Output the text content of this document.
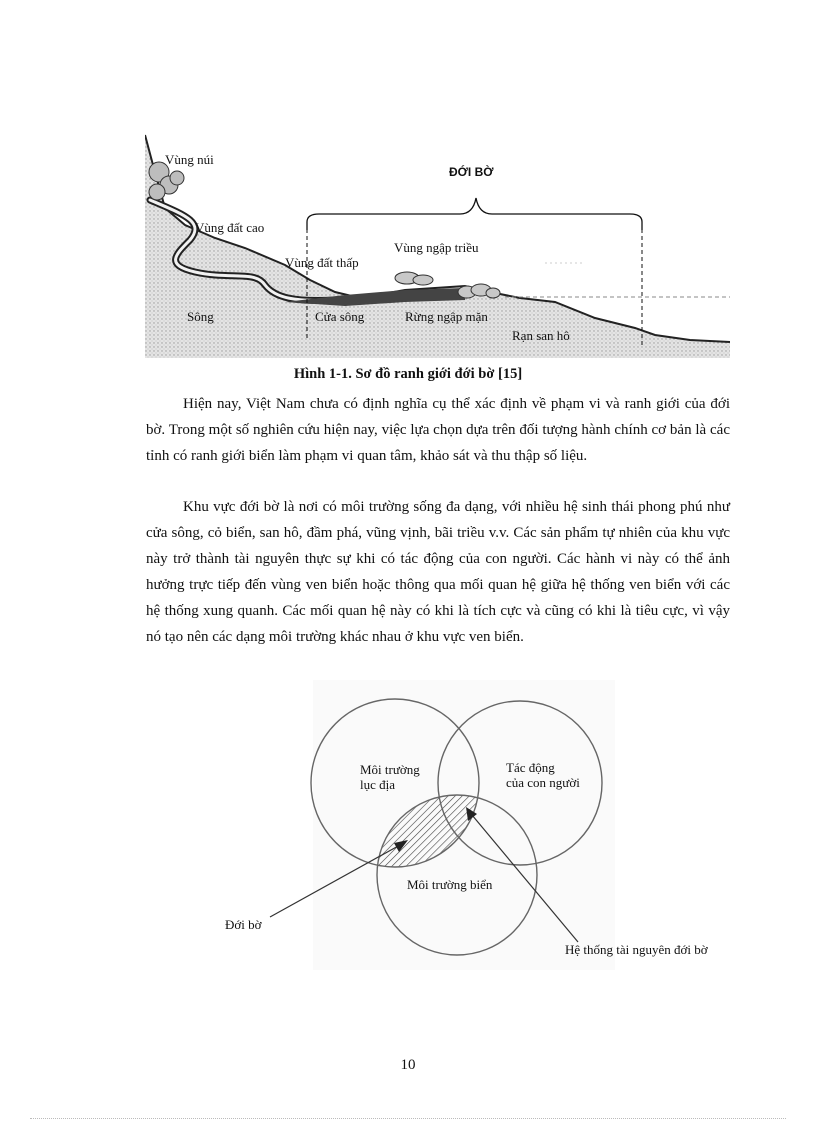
Vùng núi
ĐỚI BỜ
Vùng đất cao
Vùng ngập triều
Vùng đất thấp
Sông	Cửa sông	Rừng ngập mặn
Rạn san hô
Hình 1-1. Sơ đồ ranh giới đới bờ [15]

Hiện nay, Việt Nam chưa có định nghĩa cụ thể xác định về phạm vi và ranh giới của đới bờ. Trong một số nghiên cứu hiện nay, việc lựa chọn dựa trên đối tượng hành chính cơ bản là các tỉnh có ranh giới biển làm phạm vi quan tâm, khảo sát và thu thập số liệu.

Khu vực đới bờ là nơi có môi trường sống đa dạng, với nhiều hệ sinh thái phong phú như cửa sông, cỏ biển, san hô, đầm phá, vũng vịnh, bãi triều v.v. Các sản phẩm tự nhiên của khu vực này trở thành tài nguyên thực sự khi có tác động của con người. Các hành vi này có thể ảnh hưởng trực tiếp đến vùng ven biển hoặc thông qua mối quan hệ giữa hệ thống ven biển với các hệ thống xung quanh. Các mối quan hệ này có khi là tích cực và cũng có khi là tiêu cực, vì vậy nó tạo nên các dạng môi trường khác nhau ở khu vực ven biển.

Môi trường
lục địa
Tác động
của con người
Môi trường biển
Đới bờ
Hệ thống tài nguyên đới bờ
10
